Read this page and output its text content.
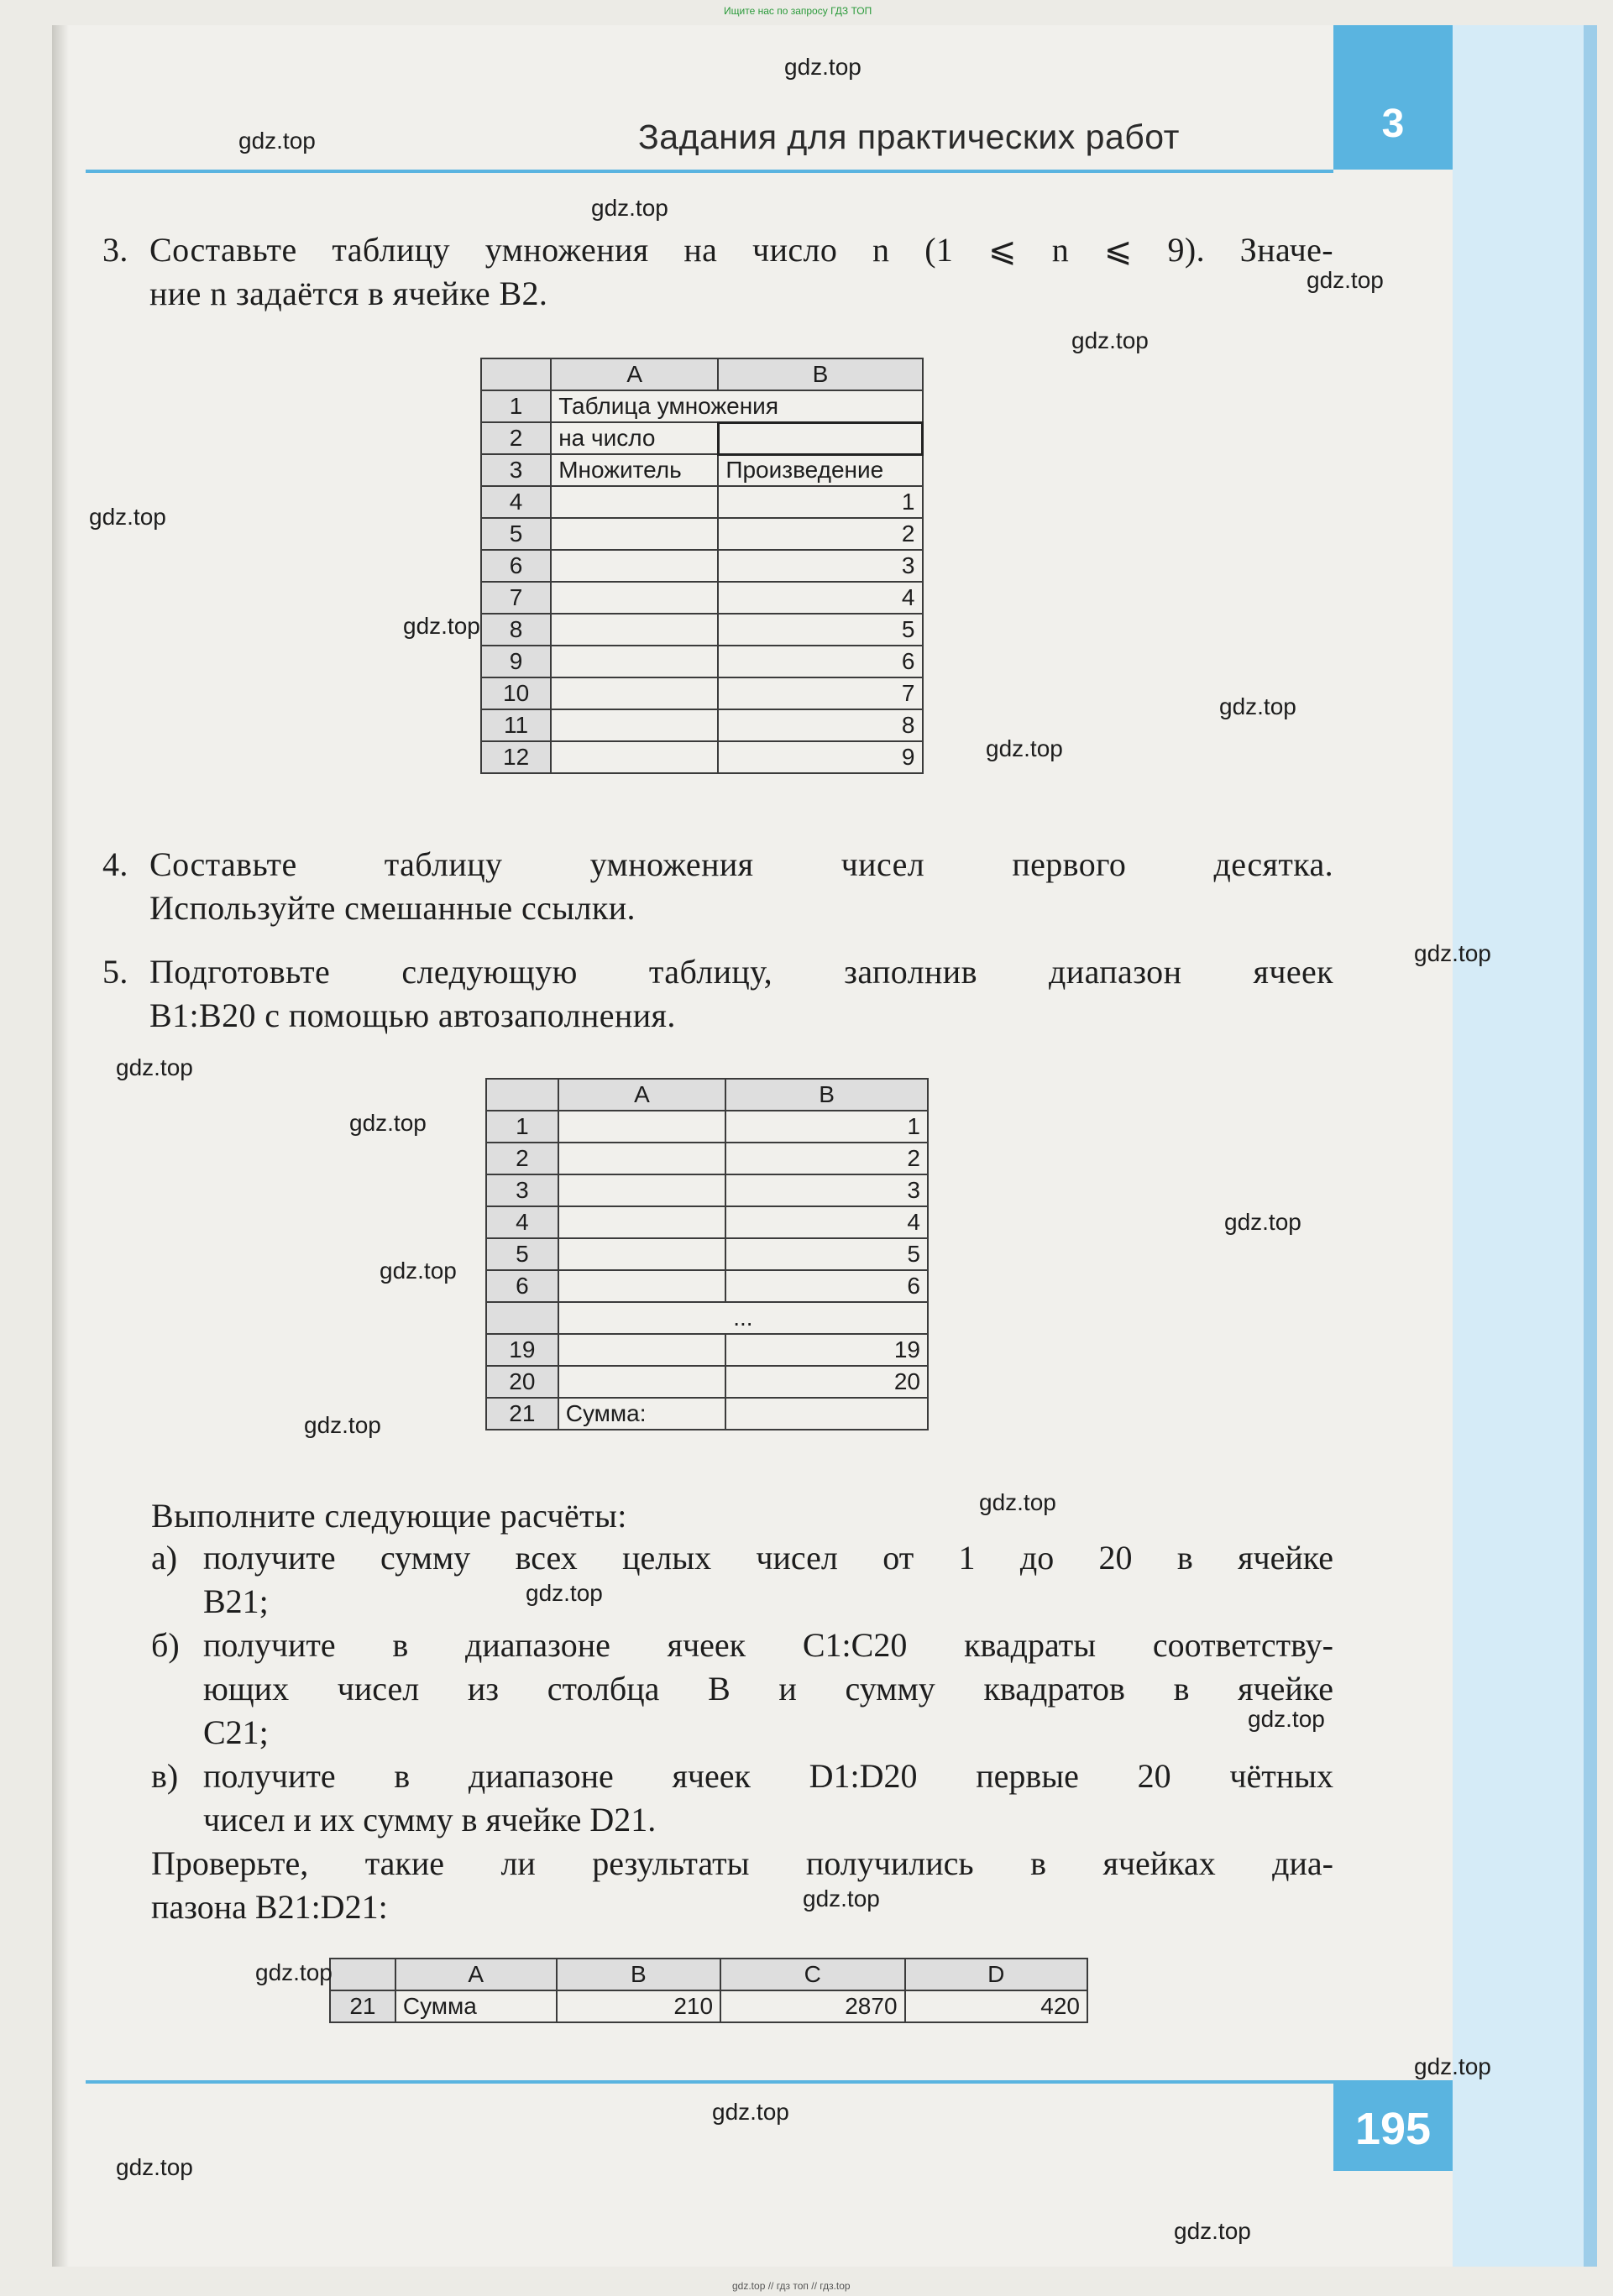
Ищите нас по запросу ГДЗ ТОП
3
Задания для практических работ
3. Составьте таблицу умножения на число n (1 ⩽ n ⩽ 9). Значе-
ние n задаётся в ячейке B2.
	A	B
1	Таблица умножения	
2	на число	
3	Множитель	Произведение
4		1
5		2
6		3
7		4
8		5
9		6
10		7
11		8
12		9
4. Составьте таблицу умножения чисел первого десятка.
Используйте смешанные ссылки.
5. Подготовьте следующую таблицу, заполнив диапазон ячеек
B1:B20 с помощью автозаполнения.
	A	B
1		1
2		2
3		3
4		4
5		5
6		6
	...	
19		19
20		20
21	Сумма:	
Выполните следующие расчёты:
а) получите сумму всех целых чисел от 1 до 20 в ячейке
B21;
б) получите в диапазоне ячеек C1:C20 квадраты соответству-
ющих чисел из столбца B и сумму квадратов в ячейке
C21;
в) получите в диапазоне ячеек D1:D20 первые 20 чётных
чисел и их сумму в ячейке D21.
Проверьте, такие ли результаты получились в ячейках диа-
пазона B21:D21:
	A	B	C	D
21	Сумма	210	2870	420
195
gdz.top // гдз топ // гдз.top
gdz.top
gdz.top
gdz.top
gdz.top
gdz.top
gdz.top
gdz.top
gdz.top
gdz.top
gdz.top
gdz.top
gdz.top
gdz.top
gdz.top
gdz.top
gdz.top
gdz.top
gdz.top
gdz.top
gdz.top
gdz.top
gdz.top
gdz.top
gdz.top
